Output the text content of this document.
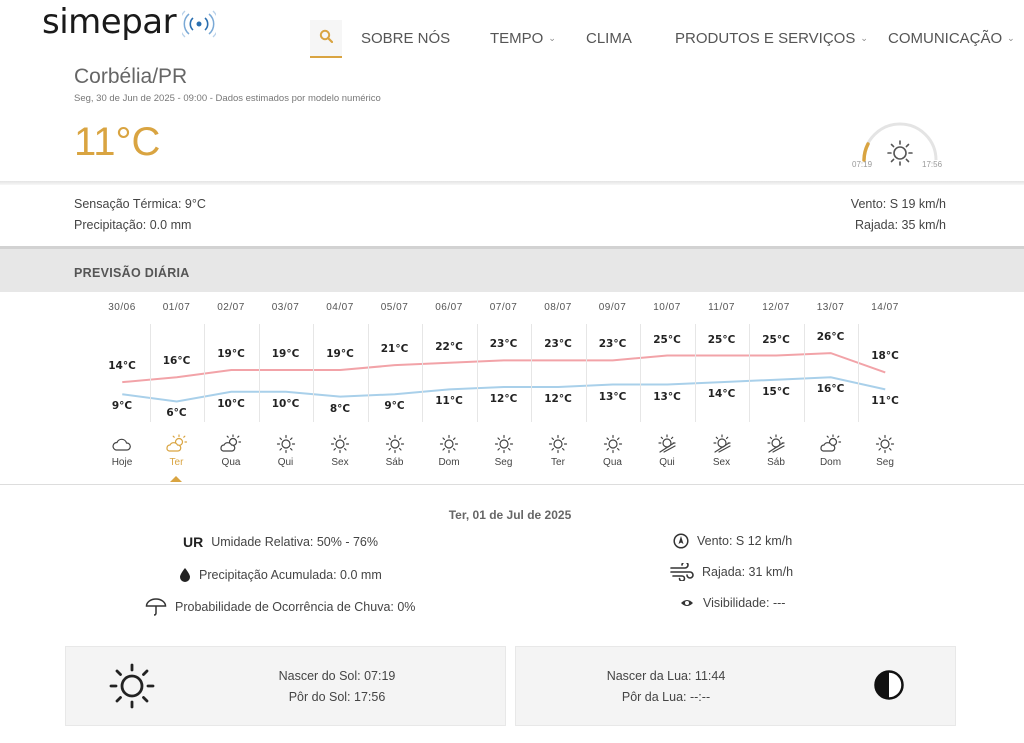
simepar	SOBRE NÓS	TEMPO ⌄ CLIMA	PRODUTOS E SERVIÇOS ⌄ COMUNICAÇÃO ⌄
Corbélia/PR
Seg, 30 de Jun de 2025 - 09:00 - Dados estimados por modelo numérico
11°C
07:19	17:56
Sensação Térmica: 9°C
Precipitação: 0.0 mm
Vento: S 19 km/h
Rajada: 35 km/h
PREVISÃO DIÁRIA
30/06
14°C
9°C
Hoje
01/07
16°C
6°C
Ter
02/07
19°C
10°C
Qua
03/07
19°C
10°C
Qui
04/07
19°C
8°C
Sex
05/07
21°C
9°C
Sáb
06/07
22°C
11°C
Dom
07/07
23°C
12°C
Seg
08/07
23°C
12°C
Ter
09/07
23°C
13°C
Qua
10/07
25°C
13°C
Qui
11/07
25°C
14°C
Sex
12/07
25°C
15°C
Sáb
13/07
26°C
16°C
Dom
14/07
18°C
11°C
Seg
Ter, 01 de Jul de 2025
UR Umidade Relativa: 50% - 76%
Precipitação Acumulada: 0.0 mm
Probabilidade de Ocorrência de Chuva: 0%
Vento: S 12 km/h
Rajada: 31 km/h
Visibilidade: ---
Nascer do Sol: 07:19
Pôr do Sol: 17:56
Nascer da Lua: 11:44
Pôr da Lua: --:--
